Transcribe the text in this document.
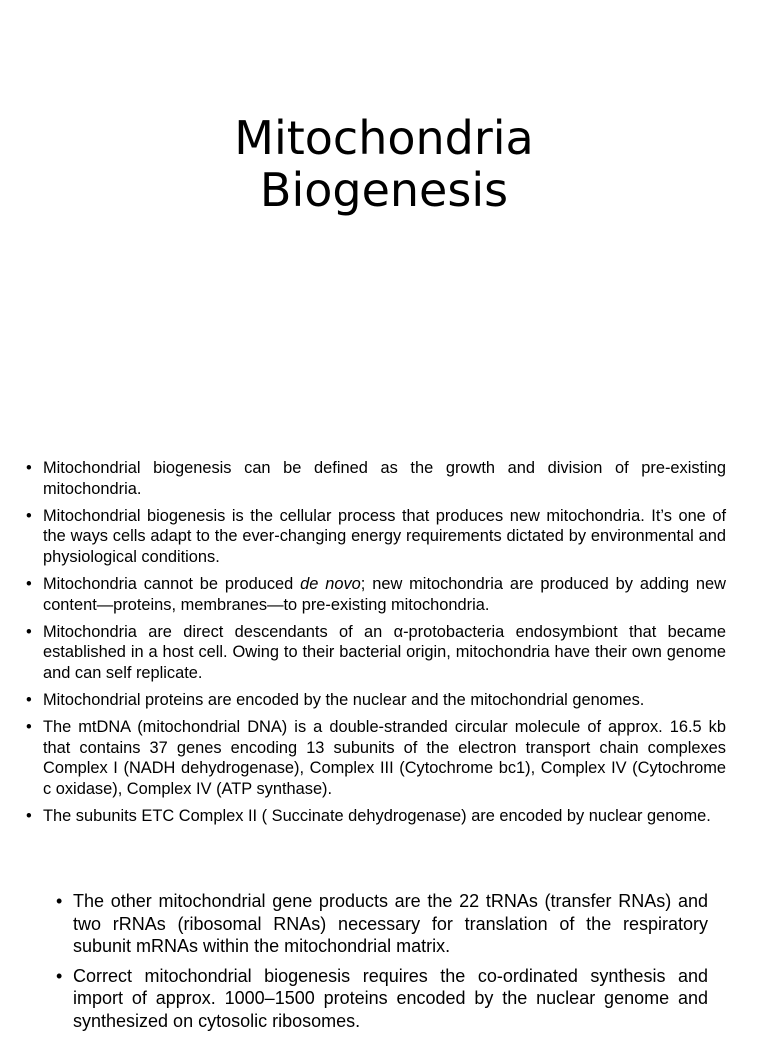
Mitochondria
Biogenesis
• Mitochondrial biogenesis can be defined as the growth and division of pre-existing mitochondria.
• Mitochondrial biogenesis is the cellular process that produces new mitochondria. It’s one of the ways cells adapt to the ever-changing energy requirements dictated by environmental and physiological conditions.
• Mitochondria cannot be produced de novo; new mitochondria are produced by adding new content—proteins, membranes—to pre-existing mitochondria.
• Mitochondria are direct descendants of an α-protobacteria endosymbiont that became established in a host cell. Owing to their bacterial origin, mitochondria have their own genome and can self replicate.
• Mitochondrial proteins are encoded by the nuclear and the mitochondrial genomes.
• The mtDNA (mitochondrial DNA) is a double-stranded circular molecule of approx. 16.5 kb that contains 37 genes encoding 13 subunits of the electron transport chain complexes Complex I (NADH dehydrogenase), Complex III (Cytochrome bc1), Complex IV (Cytochrome c oxidase), Complex IV (ATP synthase).
• The subunits ETC Complex II ( Succinate dehydrogenase) are encoded by nuclear genome.
• The other mitochondrial gene products are the 22 tRNAs (transfer RNAs) and two rRNAs (ribosomal RNAs) necessary for translation of the respiratory subunit mRNAs within the mitochondrial matrix.
• Correct mitochondrial biogenesis requires the co-ordinated synthesis and import of approx. 1000–1500 proteins encoded by the nuclear genome and synthesized on cytosolic ribosomes.
